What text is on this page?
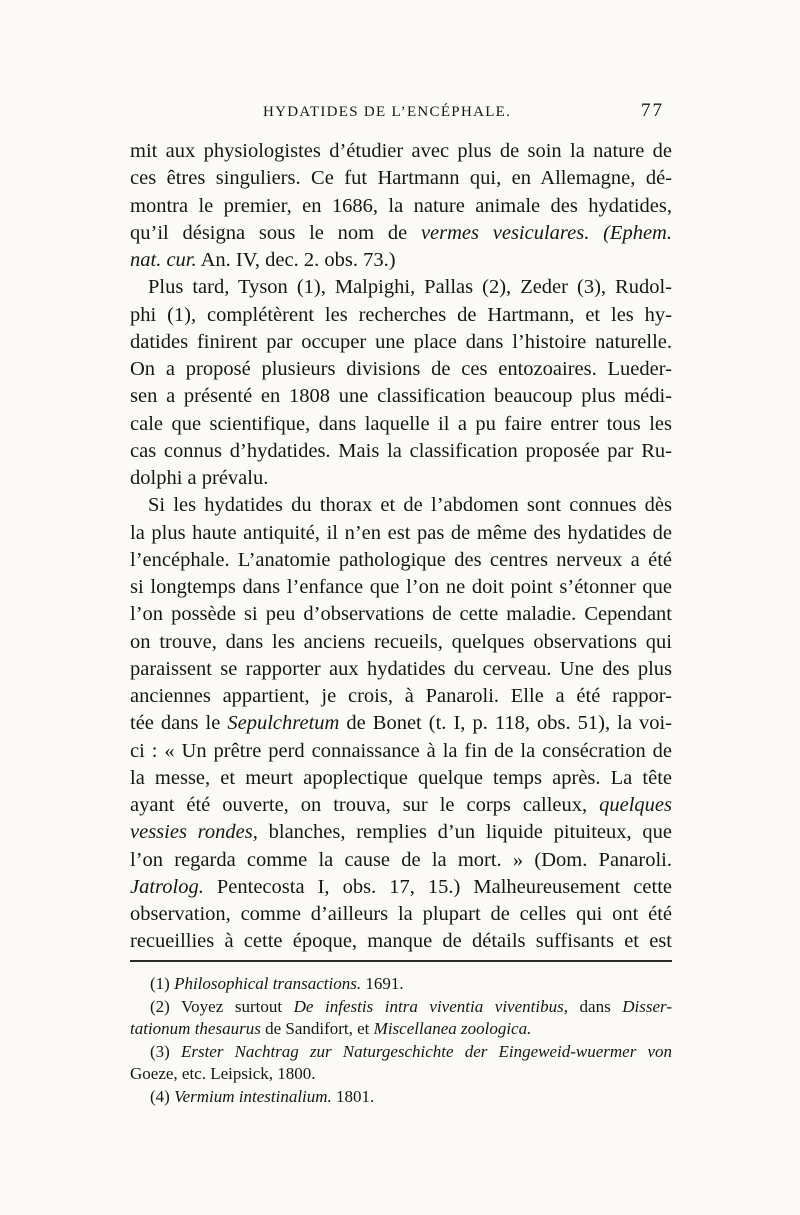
HYDATIDES DE L’ENCÉPHALE.	77

mit aux physiologistes d’étudier avec plus de soin la nature de
ces êtres singuliers. Ce fut Hartmann qui, en Allemagne, dé-
montra le premier, en 1686, la nature animale des hydatides,
qu’il désigna sous le nom de vermes vesiculares. (Ephem.
nat. cur. An. IV, dec. 2. obs. 73.)

Plus tard, Tyson (1), Malpighi, Pallas (2), Zeder (3), Rudol-
phi (1), complétèrent les recherches de Hartmann, et les hy-
datides finirent par occuper une place dans l’histoire naturelle.
On a proposé plusieurs divisions de ces entozoaires. Lueder-
sen a présenté en 1808 une classification beaucoup plus médi-
cale que scientifique, dans laquelle il a pu faire entrer tous les
cas connus d’hydatides. Mais la classification proposée par Ru-
dolphi a prévalu.

Si les hydatides du thorax et de l’abdomen sont connues dès
la plus haute antiquité, il n’en est pas de même des hydatides de
l’encéphale. L’anatomie pathologique des centres nerveux a été
si longtemps dans l’enfance que l’on ne doit point s’étonner que
l’on possède si peu d’observations de cette maladie. Cependant
on trouve, dans les anciens recueils, quelques observations qui
paraissent se rapporter aux hydatides du cerveau. Une des plus
anciennes appartient, je crois, à Panaroli. Elle a été rappor-
tée dans le Sepulchretum de Bonet (t. I, p. 118, obs. 51), la voi-
ci : « Un prêtre perd connaissance à la fin de la consécration de
la messe, et meurt apoplectique quelque temps après. La tête
ayant été ouverte, on trouva, sur le corps calleux, quelques
vessies rondes, blanches, remplies d’un liquide pituiteux, que
l’on regarda comme la cause de la mort. » (Dom. Panaroli.
Jatrolog. Pentecosta I, obs. 17, 15.) Malheureusement cette
observation, comme d’ailleurs la plupart de celles qui ont été
recueillies à cette époque, manque de détails suffisants et est

(1) Philosophical transactions. 1691.

(2) Voyez surtout De infestis intra viventia viventibus, dans Disser-
tationum thesaurus de Sandifort, et Miscellanea zoologica.

(3) Erster Nachtrag zur Naturgeschichte der Eingeweid-wuermer von
Goeze, etc. Leipsick, 1800.

(4) Vermium intestinalium. 1801.
